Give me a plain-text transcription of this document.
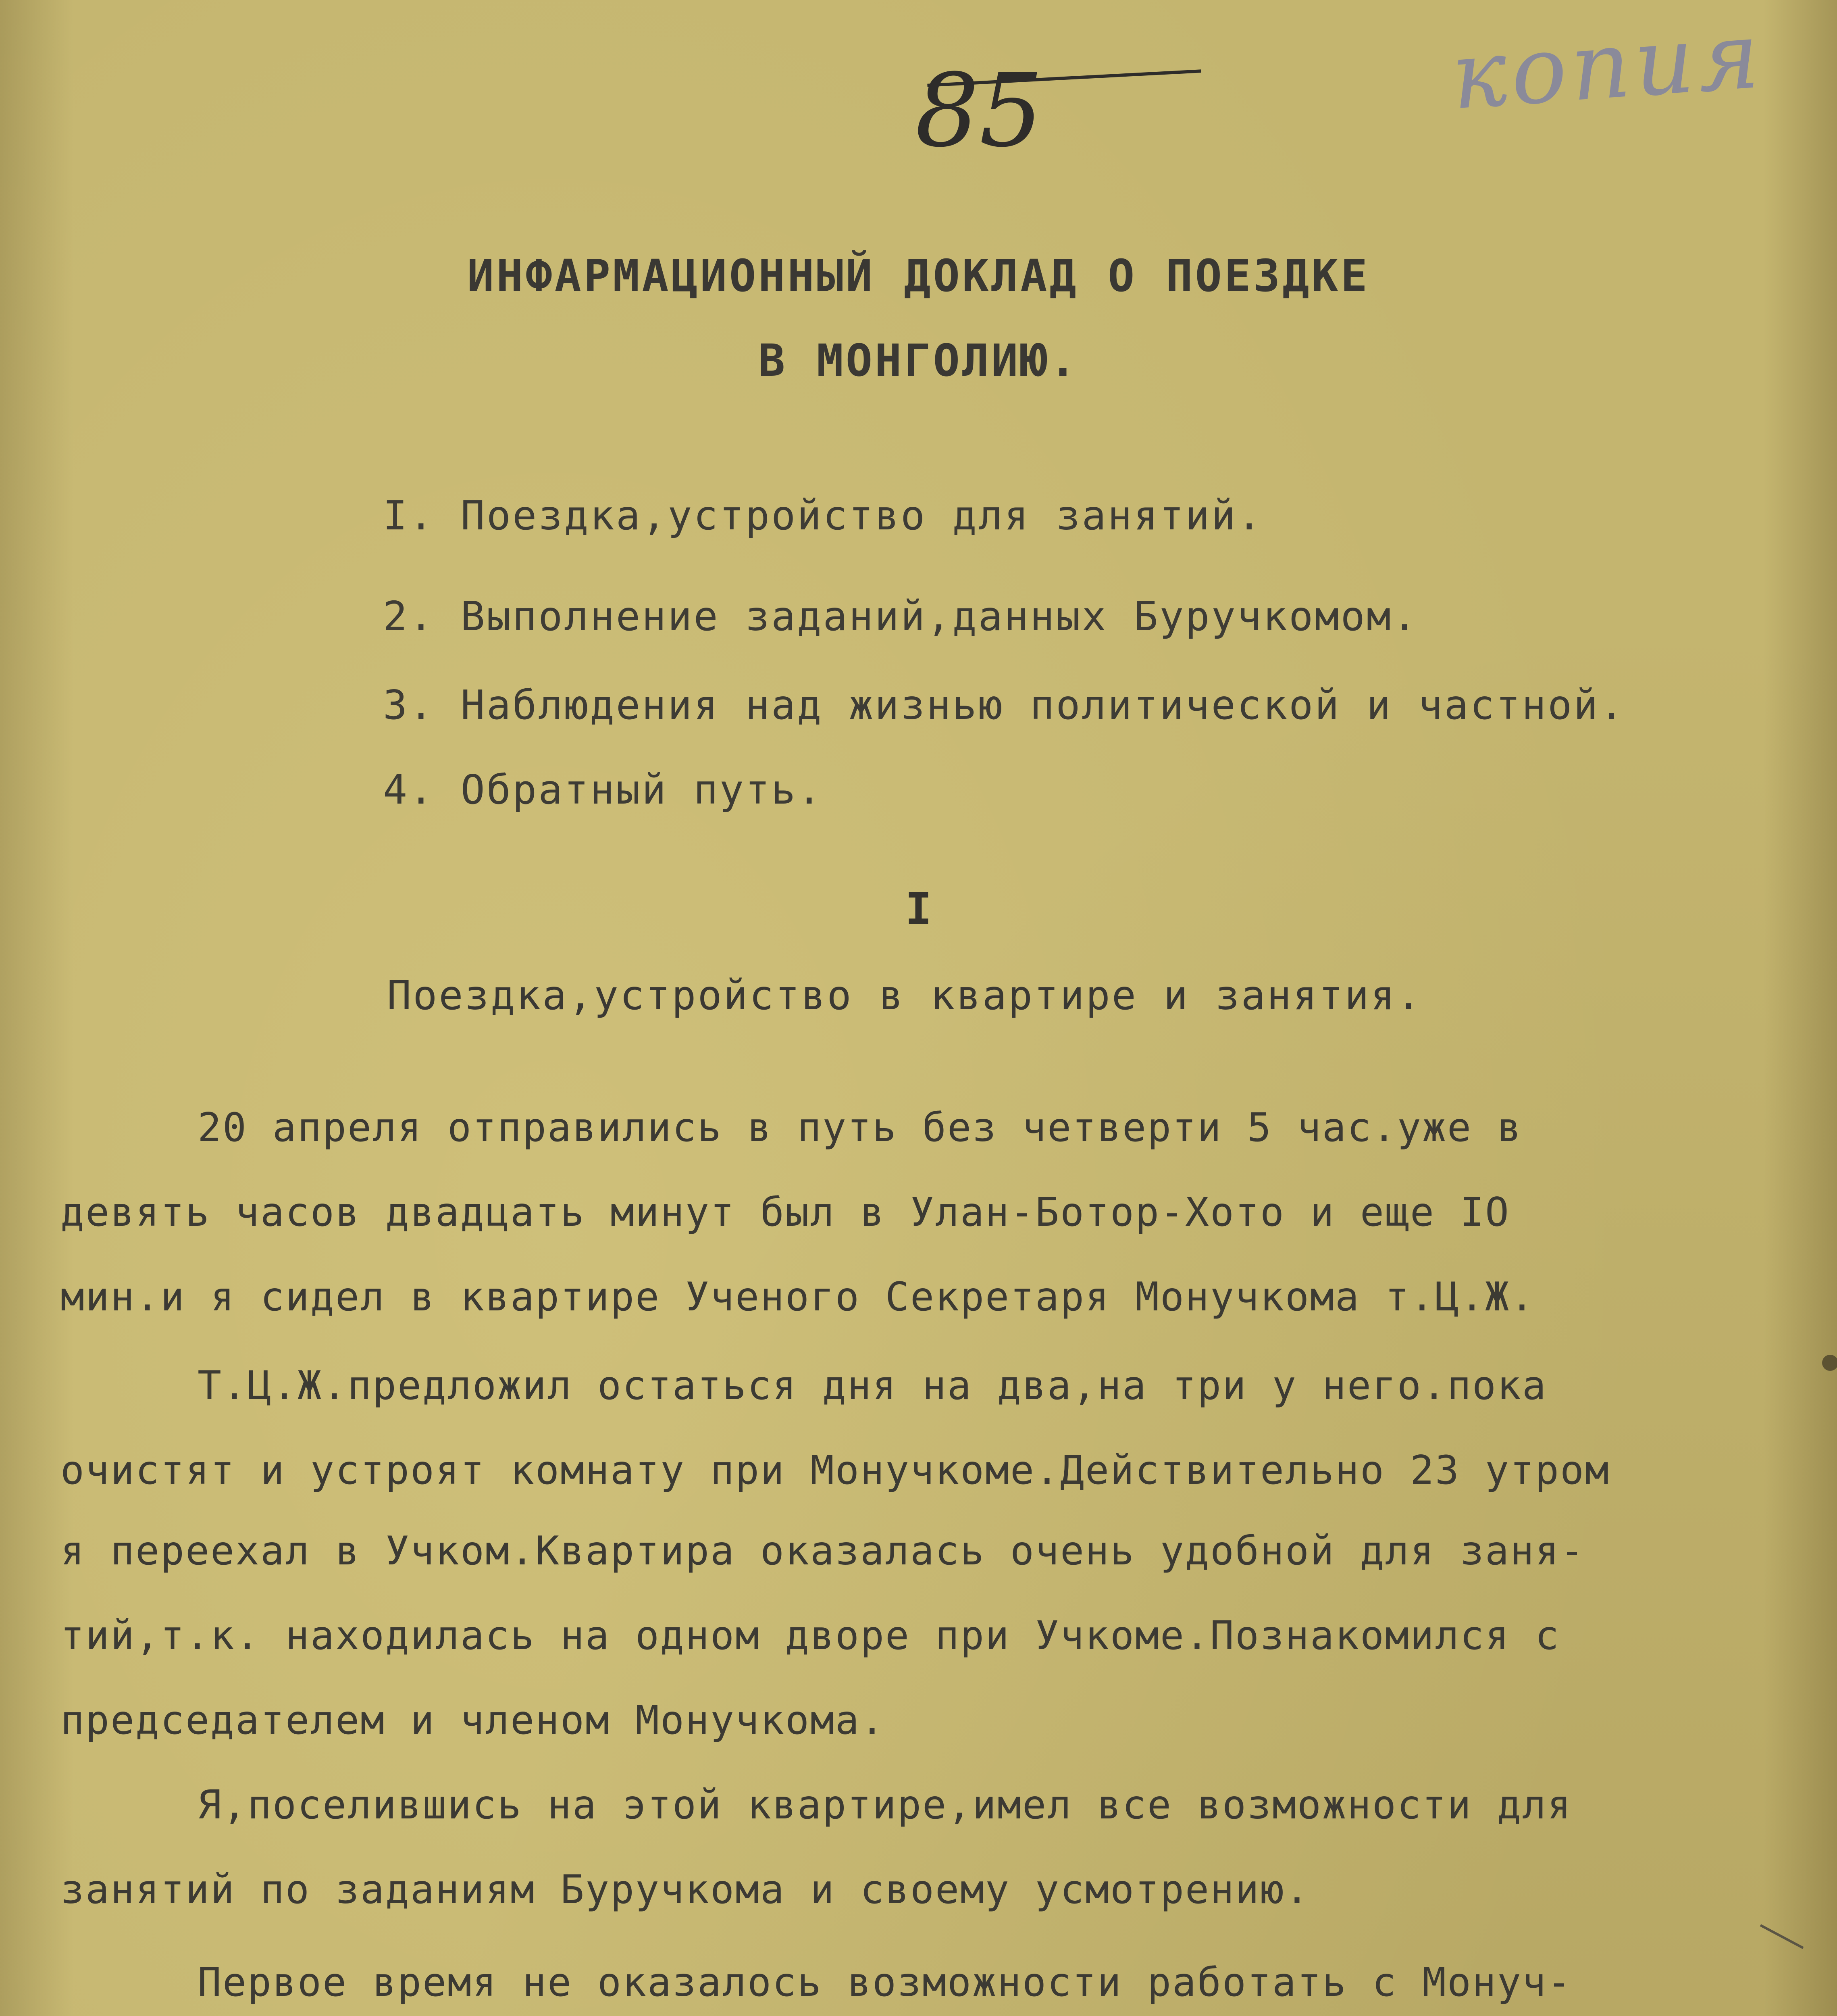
копия
85
ИНФАРМАЦИОННЫЙ ДОКЛАД О ПОЕЗДКЕ
В МОНГОЛИЮ.
I. Поездка,устройство для занятий.
2. Выполнение заданий,данных Буручкомом.
3. Наблюдения над жизнью политической и частной.
4. Обратный путь.
I
Поездка,устройство в квартире и занятия.
20 апреля отправились в путь без четверти 5 час.уже в
девять часов двадцать минут был в Улан-Ботор-Хото и еще IO
мин.и я сидел в квартире Ученого Секретаря Монучкома т.Ц.Ж.
Т.Ц.Ж.предложил остаться дня на два,на три у него.пока
очистят и устроят комнату при Монучкоме.Действительно 23 утром
я переехал в Учком.Квартира оказалась очень удобной для заня-
тий,т.к. находилась на одном дворе при Учкоме.Познакомился с
председателем и членом Монучкома.
Я,поселившись на этой квартире,имел все возможности для
занятий по заданиям Буручкома и своему усмотрению.
Первое время не оказалось возможности работать с Монуч-
